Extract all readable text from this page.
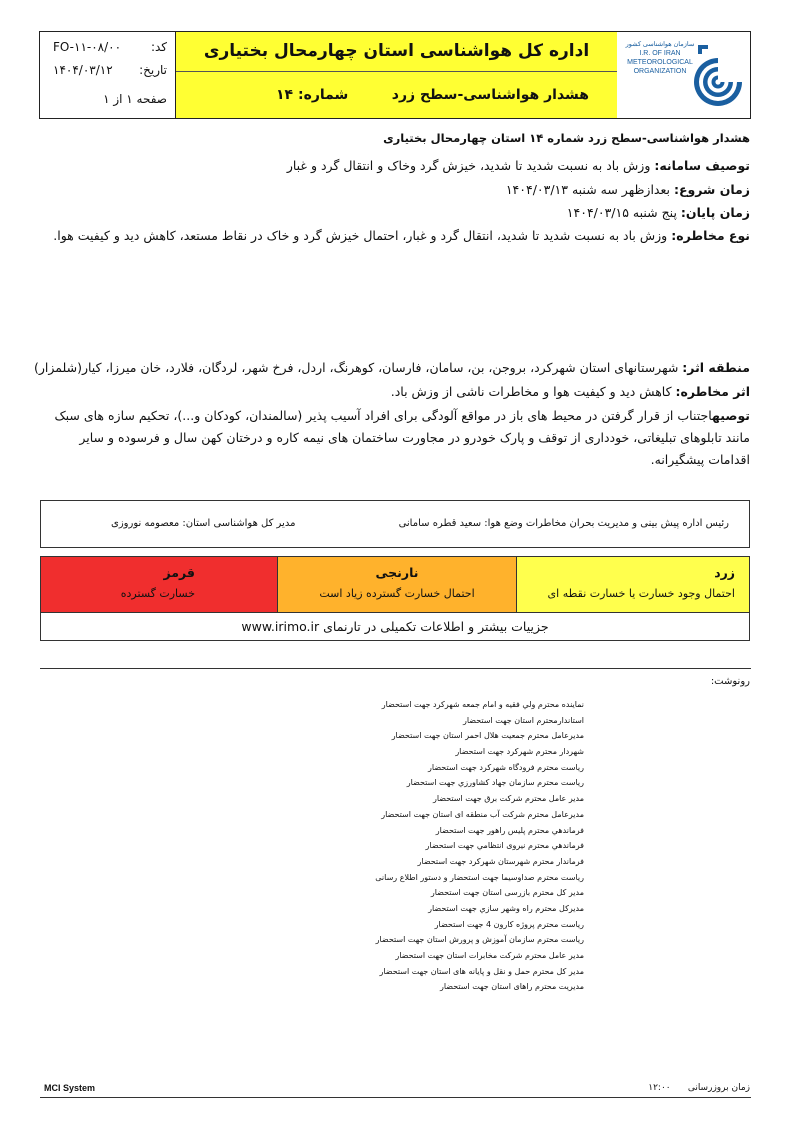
سازمان هواشناسی کشور
I.R. OF IRAN
METEOROLOGICAL
ORGANIZATION
اداره کل هواشناسی استان چهارمحال بختیاری
هشدار هواشناسی-سطح زرد
شماره: ۱۴
کد:
FO-۱۱-۰۸/۰۰
تاریخ:
۱۴۰۴/۰۳/۱۲
صفحه ۱ از ۱
هشدار هواشناسی-سطح زرد شماره ۱۴ استان چهارمحال بختیاری
توصیف سامانه: وزش باد به نسبت شدید تا شدید، خیزش گرد وخاک و انتقال گرد و غبار
زمان شروع: بعدازظهر سه شنبه ۱۴۰۴/۰۳/۱۳
زمان پایان: پنج شنبه ۱۴۰۴/۰۳/۱۵
نوع مخاطره: وزش باد به نسبت شدید تا شدید، انتقال گرد و غبار، احتمال خیزش گرد و خاک در نقاط مستعد، کاهش دید و کیفیت هوا.
منطقه اثر: شهرستانهای استان شهرکرد، بروجن، بن، سامان، فارسان، کوهرنگ، اردل، فرخ شهر، لردگان، فلارد، خان میرزا، کیار(شلمزار)
اثر مخاطره: کاهش دید و کیفیت هوا و مخاطرات ناشی از وزش باد.
توصیهاجتناب از قرار گرفتن در محیط های باز در مواقع آلودگی برای افراد آسیب پذیر (سالمندان، کودکان و...)، تحکیم سازه های سبک مانند تابلوهای تبلیغاتی، خودداری از توقف و پارک خودرو در مجاورت ساختمان های نیمه کاره و درختان کهن سال و فرسوده و سایر اقدامات پیشگیرانه.
رئیس اداره پیش بینی و مدیریت بحران مخاطرات وضع هوا: سعید قطره سامانی
مدیر کل هواشناسی استان: معصومه نوروزی
زرد
احتمال وجود خسارت یا خسارت نقطه ای
نارنجی
احتمال خسارت گسترده زیاد است
قرمز
خسارت گسترده
جزییات بیشتر و اطلاعات تکمیلی در تارنمای www.irimo.ir
رونوشت:
نماینده محترم ولي فقيه و امام جمعه شهركرد جهت استحضار
استاندارمحترم استان جهت استحضار
مدیرعامل محترم جمعیت هلال احمر استان جهت استحضار
شهردار محترم شهرکرد جهت استحضار
ریاست محترم فرودگاه شهرکرد جهت استحضار
ریاست محترم سازمان جهاد کشاورزي جهت استحضار
مدیر عامل محترم شرکت برق جهت استحضار
مدیرعامل محترم شرکت آب منطقه ای استان جهت استحضار
فرماندهي محترم پلیس راهور جهت استحضار
فرماندهي محترم نيروی انتظامي جهت استحضار
فرماندار محترم شهرستان شهرکرد جهت استحضار
ریاست محترم صداوسیما جهت استحضار و دستور اطلاع رسانی
مدیر کل محترم بازرسی استان جهت استحضار
مدیرکل محترم راه وشهر سازي جهت استحضار
ریاست محترم پروژه کارون 4 جهت استحضار
ریاست محترم سازمان آموزش و پرورش استان جهت استحضار
مدیر عامل محترم شرکت مخابرات استان جهت استحضار
مدیر کل محترم حمل و نقل و پایانه های استان جهت استحضار
مدیریت محترم راهای استان جهت استحضار
MCI System	زمان بروزرسانی      ۱۲:۰۰
